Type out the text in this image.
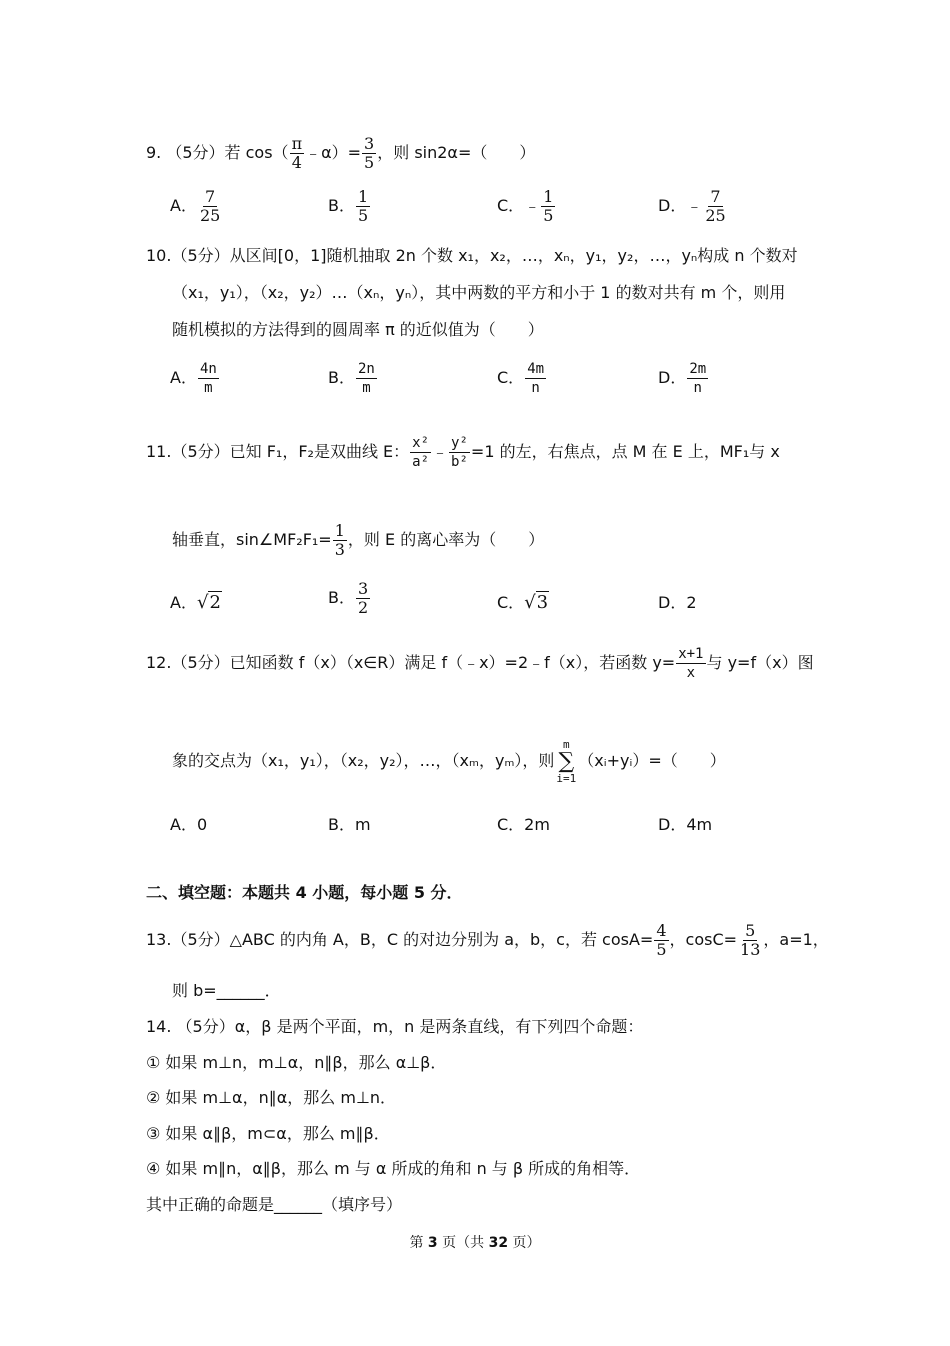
9. （5分）若 $\cos( \frac{\pi}{4}$ ﹣α）= $\frac{3}{5}$ ，则 sin2α=（　　）
A． $\frac{7}{25}$	B． $\frac{1}{5}$	C．﹣ $\frac{1}{5}$	D．﹣ $\frac{7}{25}$
10.（5分）从区间[0，1]随机抽取 2n 个数 x₁，x₂，…，xₙ，y₁，y₂，…，yₙ构成 n 个数对
（x₁，y₁），（x₂，y₂）…（xₙ，yₙ），其中两数的平方和小于 1 的数对共有 m 个，则用
随机模拟的方法得到的圆周率 π 的近似值为（　　）
A． $\frac{4n}{m}$	B． $\frac{2n}{m}$	C． $\frac{4m}{n}$	D． $\frac{2m}{n}$
11.（5分）已知 F₁，F₂是双曲线 E： $\frac{\text{x²}}{\text{a²}}$ ﹣ $\frac{\text{y²}}{\text{b²}} =1$ 的左，右焦点，点 M 在 E 上，MF₁与 x
轴垂直，sin∠MF₂F₁= $\frac{1}{3}$ ，则 E 的离心率为（　　）
A．√2	B． $\frac{3}{2}$	C．√3	D．2
12.（5分）已知函数 f（x）（x∈R）满足 f（﹣x）=2﹣f（x），若函数 $y= \frac{x+1}{x}$ 与 y=f（x）图
象的交点为（x₁，y₁），（x₂，y₂），…，（xₘ，yₘ），则
m
∑
i=1
（xᵢ+yᵢ）=（　　）
A．0	B．m	C．2m	D．4m
二、填空题：本题共 4 小题，每小题 5 分．
13.（5分）△ABC 的内角 A，B，C 的对边分别为 a，b，c，若 $\cos A= \frac{4}{5}$ ，$\cos C= \frac{5}{13}$ ，a=1，
则 b=______．
14. （5分）α，β 是两个平面，m，n 是两条直线，有下列四个命题：
① 如果 m⊥n，m⊥α，n∥β，那么 α⊥β．
② 如果 m⊥α，n∥α，那么 m⊥n．
③ 如果 α∥β，m⊂α，那么 m∥β．
④ 如果 m∥n，α∥β，那么 m 与 α 所成的角和 n 与 β 所成的角相等．
其中正确的命题是______（填序号）
第 3 页（共 32 页）
